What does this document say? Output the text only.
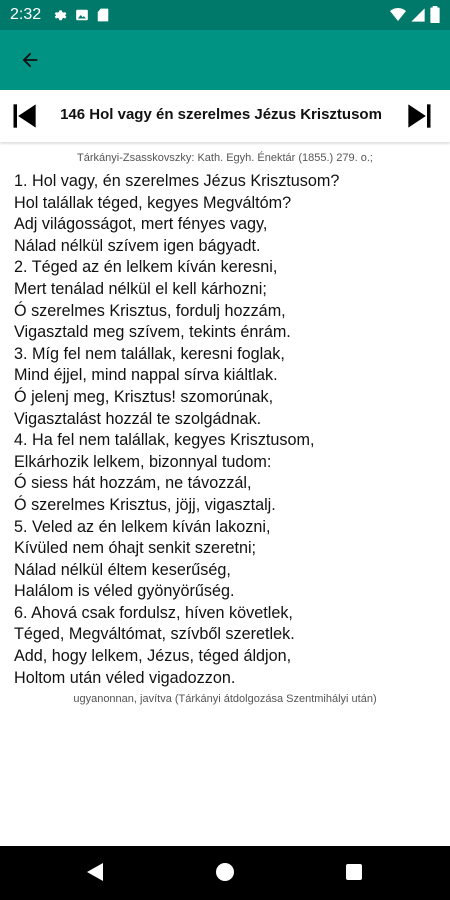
2:32
146 Hol vagy én szerelmes Jézus Krisztusom
Tárkányi-Zsasskovszky: Kath. Egyh. Énektár (1855.) 279. o.;
1. Hol vagy, én szerelmes Jézus Krisztusom?
Hol talállak téged, kegyes Megváltóm?
Adj világosságot, mert fényes vagy,
Nálad nélkül szívem igen bágyadt.
2. Téged az én lelkem kíván keresni,
Mert tenálad nélkül el kell kárhozni;
Ó szerelmes Krisztus, fordulj hozzám,
Vigasztald meg szívem, tekints énrám.
3. Míg fel nem talállak, keresni foglak,
Mind éjjel, mind nappal sírva kiáltlak.
Ó jelenj meg, Krisztus! szomorúnak,
Vigasztalást hozzál te szolgádnak.
4. Ha fel nem talállak, kegyes Krisztusom,
Elkárhozik lelkem, bizonnyal tudom:
Ó siess hát hozzám, ne távozzál,
Ó szerelmes Krisztus, jöjj, vigasztalj.
5. Veled az én lelkem kíván lakozni,
Kívüled nem óhajt senkit szeretni;
Nálad nélkül éltem keserűség,
Halálom is véled gyönyörűség.
6. Ahová csak fordulsz, híven követlek,
Téged, Megváltómat, szívből szeretlek.
Add, hogy lelkem, Jézus, téged áldjon,
Holtom után véled vigadozzon.
ugyanonnan, javítva (Tárkányi átdolgozása Szentmihályi után)
